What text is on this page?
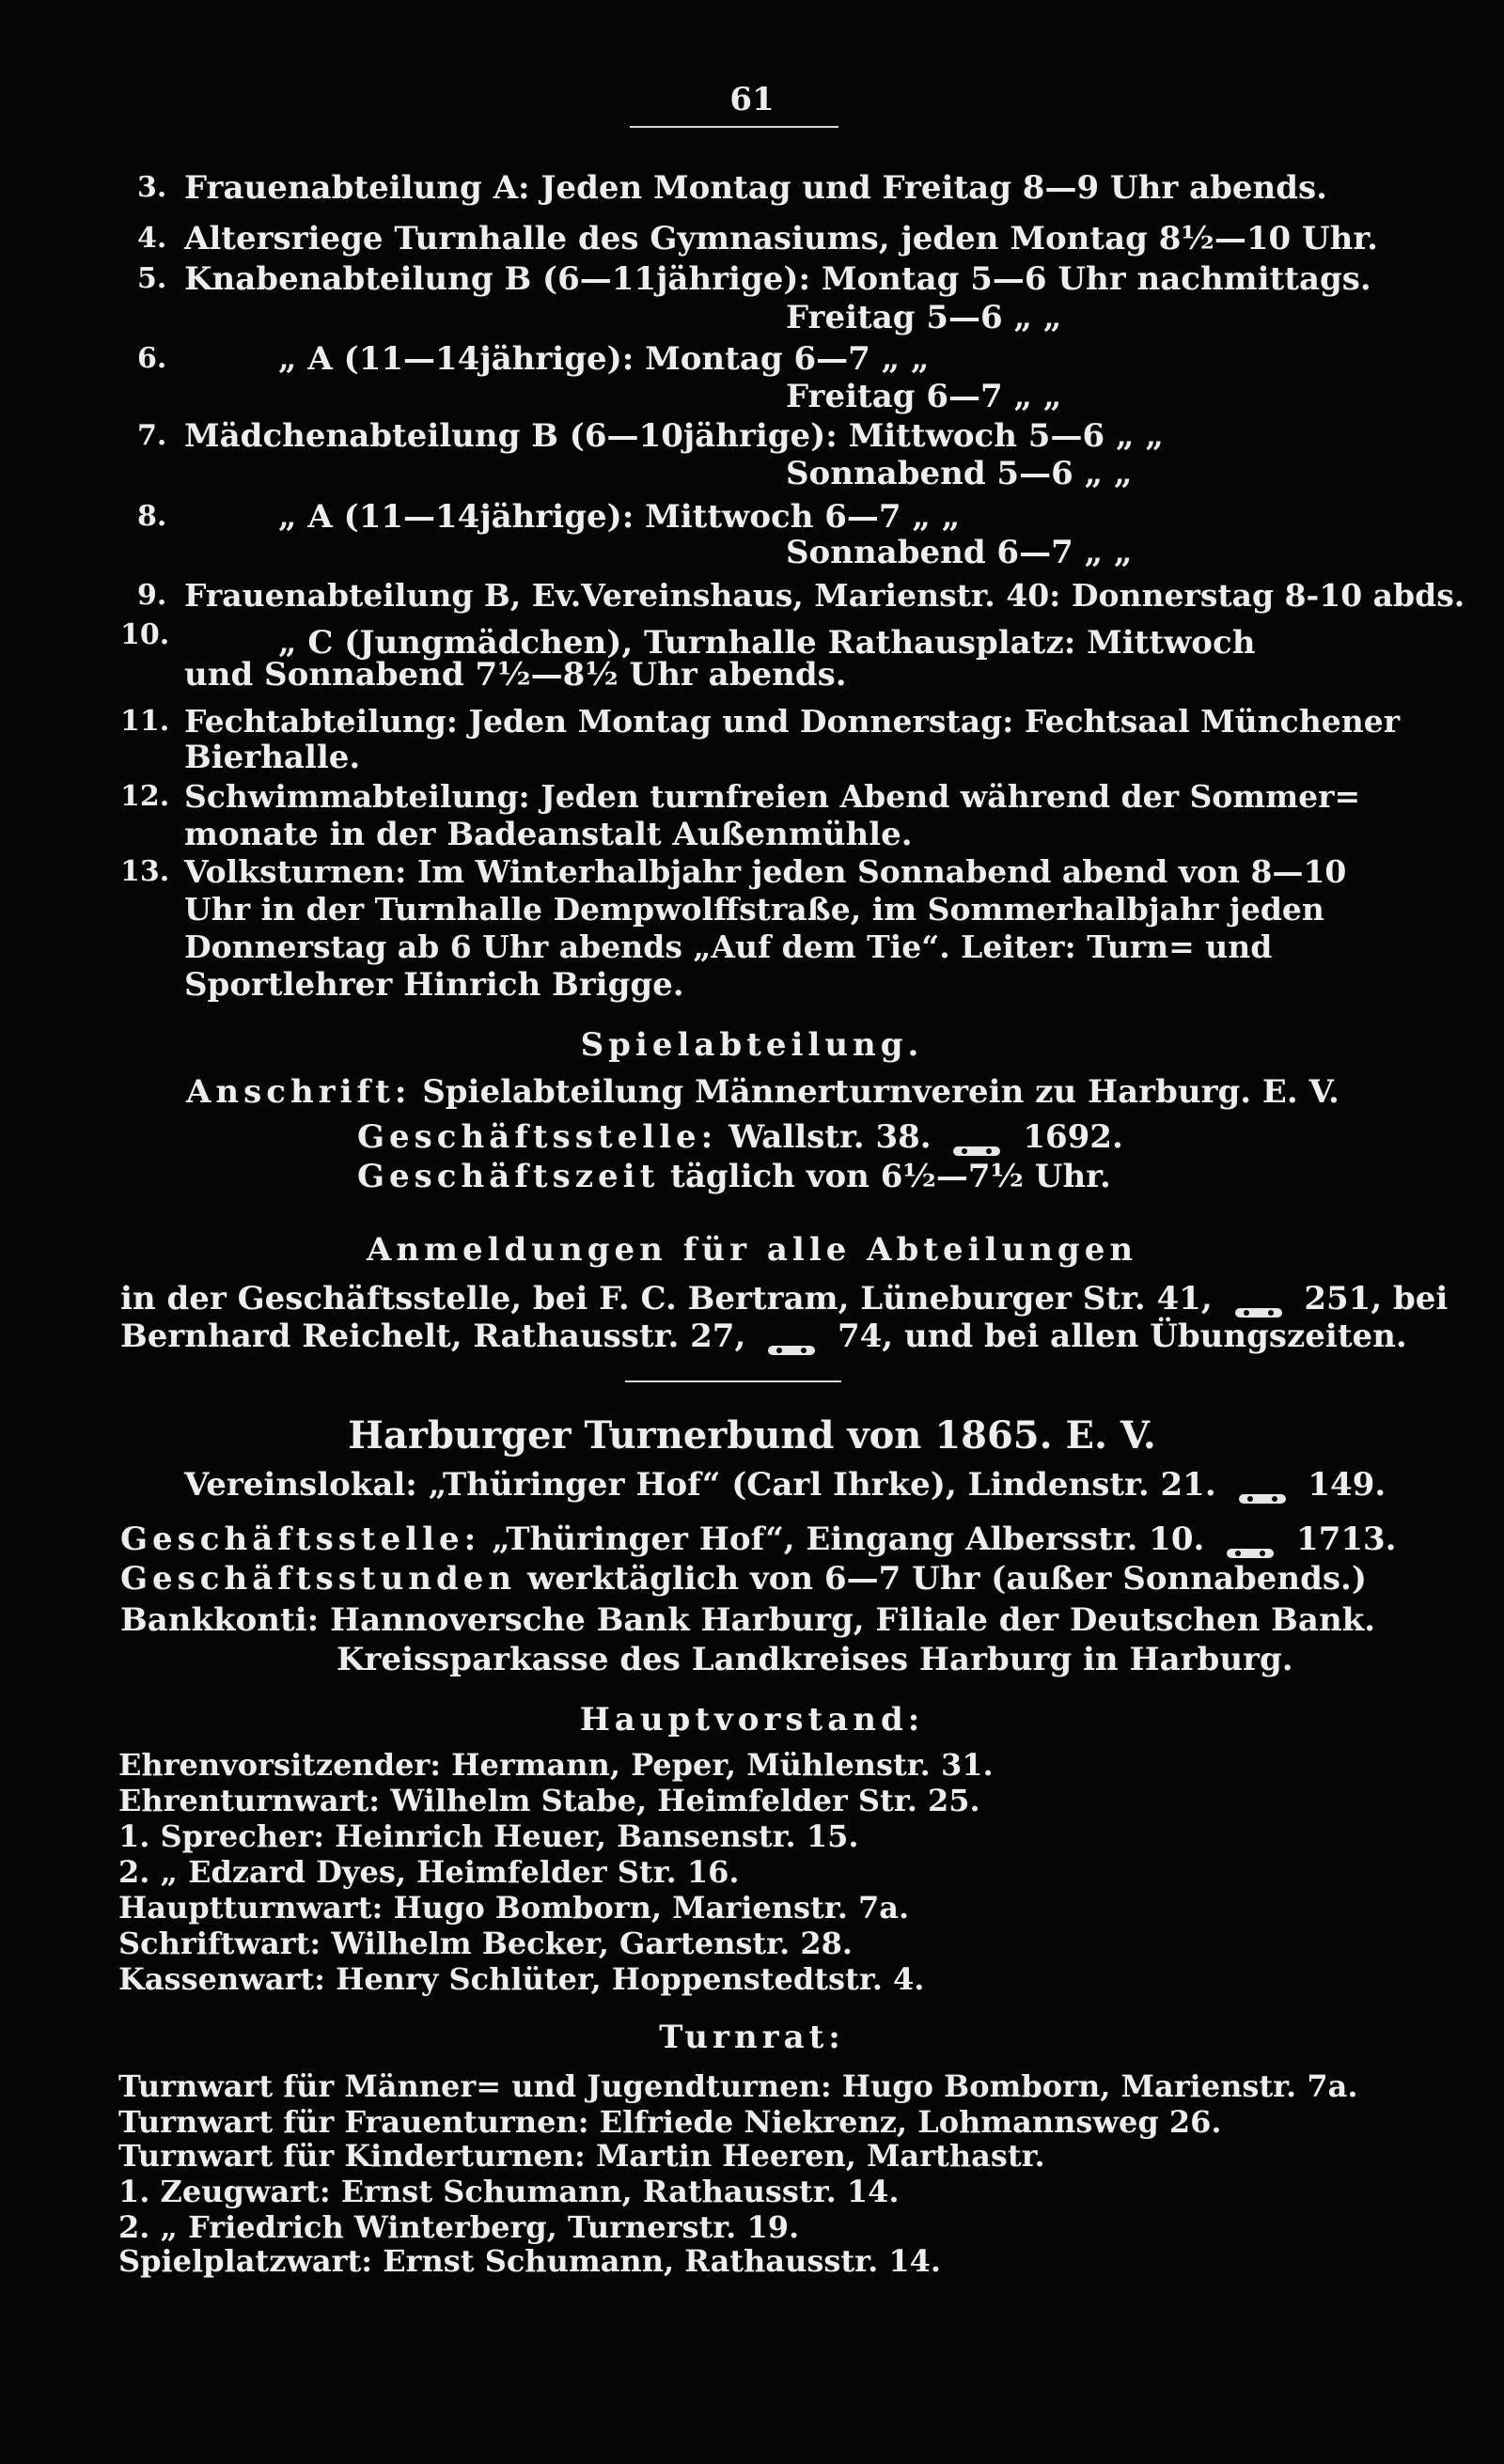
61
3. Frauenabteilung A: Jeden Montag und Freitag 8—9 Uhr abends.
4. Altersriege Turnhalle des Gymnasiums, jeden Montag 8½—10 Uhr.
5. Knabenabteilung B (6—11jährige): Montag 5—6 Uhr nachmittags.
Freitag 5—6 „ „
6.	„ A (11—14jährige): Montag 6—7 „ „
Freitag 6—7 „ „
7. Mädchenabteilung B (6—10jährige): Mittwoch 5—6 „ „
Sonnabend 5—6 „ „
8.	„ A (11—14jährige): Mittwoch 6—7 „ „
Sonnabend 6—7 „ „
9. Frauenabteilung B, Ev.Vereinshaus, Marienstr. 40: Donnerstag 8-10 abds.
10.	„ C (Jungmädchen), Turnhalle Rathausplatz: Mittwoch
und Sonnabend 7½—8½ Uhr abends.
11. Fechtabteilung: Jeden Montag und Donnerstag: Fechtsaal Münchener
Bierhalle.
12. Schwimmabteilung: Jeden turnfreien Abend während der Sommer=
monate in der Badeanstalt Außenmühle.
13. Volksturnen: Im Winterhalbjahr jeden Sonnabend abend von 8—10
Uhr in der Turnhalle Dempwolffstraße, im Sommerhalbjahr jeden
Donnerstag ab 6 Uhr abends „Auf dem Tie“. Leiter: Turn= und
Sportlehrer Hinrich Brigge.
Spielabteilung.
Anschrift: Spielabteilung Männerturnverein zu Harburg. E. V.
Geschäftsstelle: Wallstr. 38.	1692.
Geschäftszeit täglich von 6½—7½ Uhr.
Anmeldungen für alle Abteilungen
in der Geschäftsstelle, bei F. C. Bertram, Lüneburger Str. 41,	251, bei
Bernhard Reichelt, Rathausstr. 27,	74, und bei allen Übungszeiten.
Harburger Turnerbund von 1865. E. V.
Vereinslokal: „Thüringer Hof“ (Carl Ihrke), Lindenstr. 21.	149.
Geschäftsstelle: „Thüringer Hof“, Eingang Albersstr. 10.	1713.
Geschäftsstunden werktäglich von 6—7 Uhr (außer Sonnabends.)
Bankkonti: Hannoversche Bank Harburg, Filiale der Deutschen Bank.
Kreissparkasse des Landkreises Harburg in Harburg.
Hauptvorstand:
Ehrenvorsitzender: Hermann, Peper, Mühlenstr. 31.
Ehrenturnwart: Wilhelm Stabe, Heimfelder Str. 25.
1. Sprecher: Heinrich Heuer, Bansenstr. 15.
2. „ Edzard Dyes, Heimfelder Str. 16.
Hauptturnwart: Hugo Bomborn, Marienstr. 7a.
Schriftwart: Wilhelm Becker, Gartenstr. 28.
Kassenwart: Henry Schlüter, Hoppenstedtstr. 4.
Turnrat:
Turnwart für Männer= und Jugendturnen: Hugo Bomborn, Marienstr. 7a.
Turnwart für Frauenturnen: Elfriede Niekrenz, Lohmannsweg 26.
Turnwart für Kinderturnen: Martin Heeren, Marthastr.
1. Zeugwart: Ernst Schumann, Rathausstr. 14.
2. „ Friedrich Winterberg, Turnerstr. 19.
Spielplatzwart: Ernst Schumann, Rathausstr. 14.
